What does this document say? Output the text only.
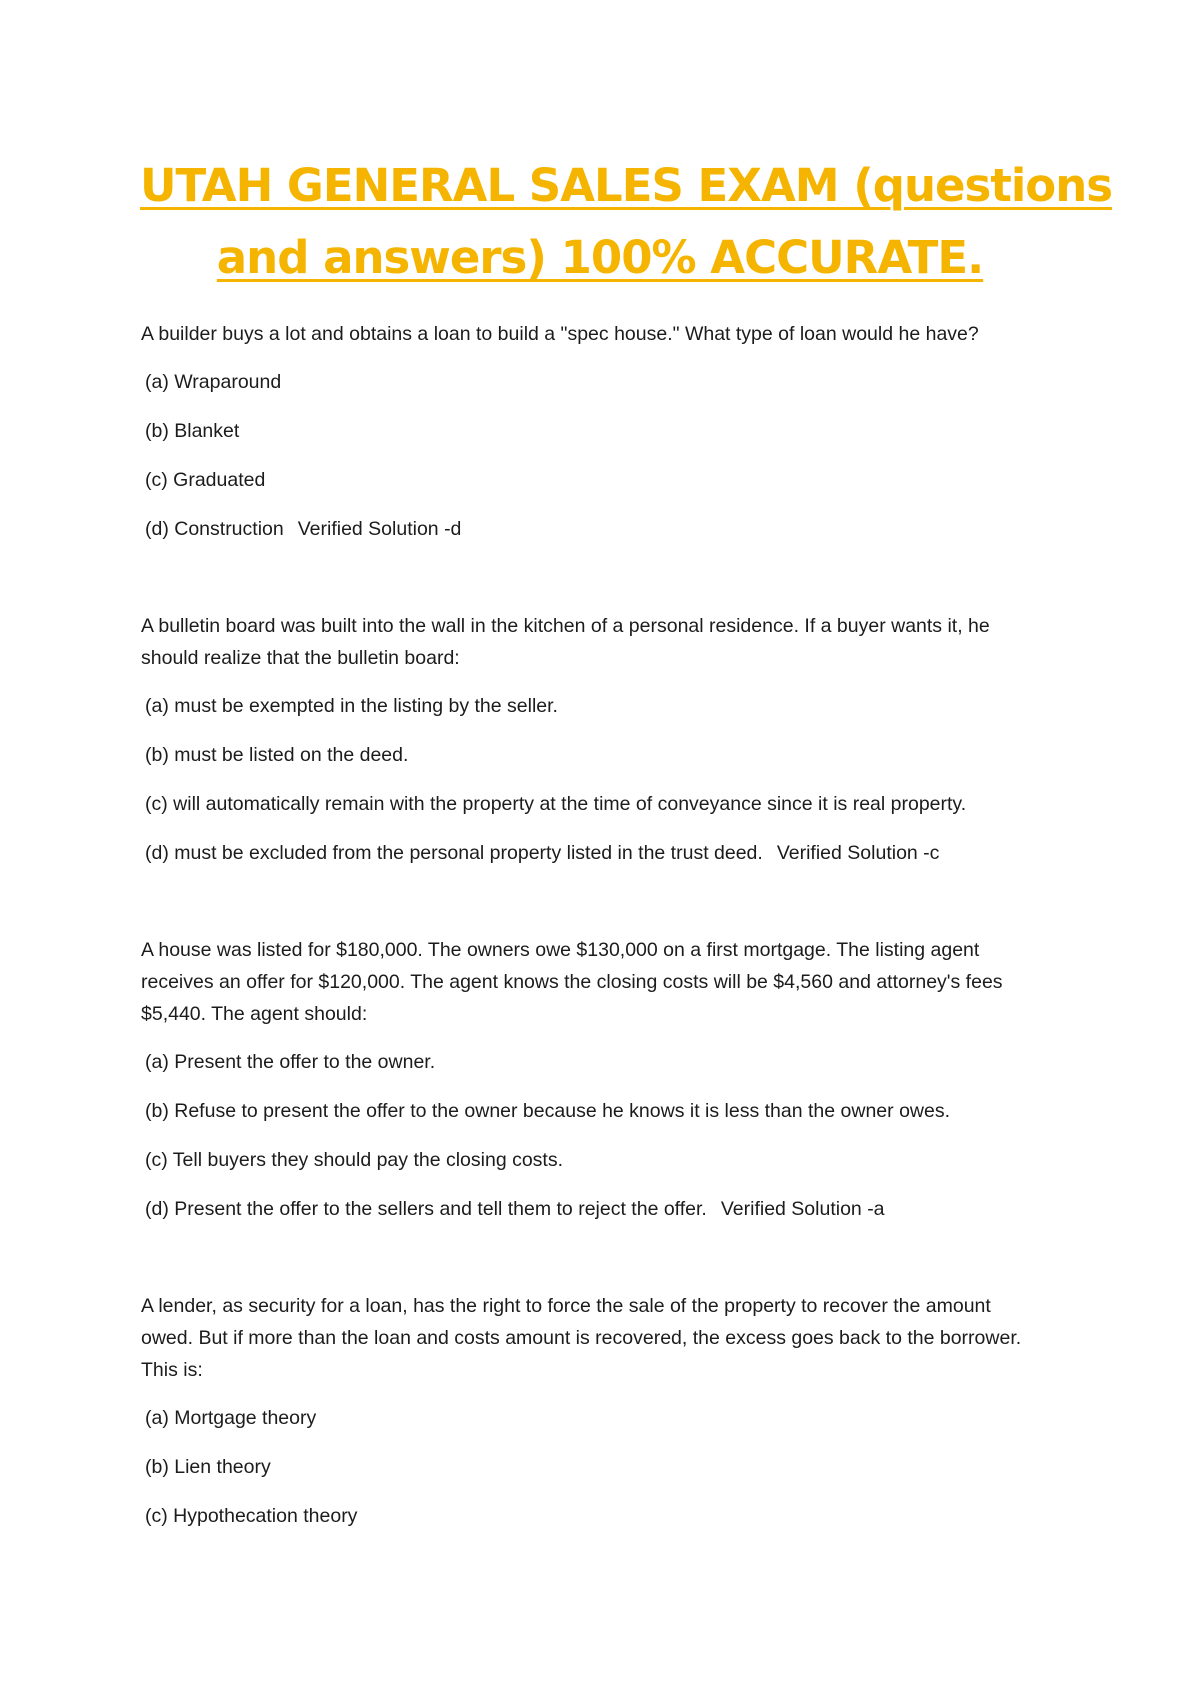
UTAH GENERAL SALES EXAM (questions
and answers) 100% ACCURATE.
A builder buys a lot and obtains a loan to build a "spec house." What type of loan would he have?
(a) Wraparound
(b) Blanket
(c) Graduated
(d) Construction Verified Solution -d
A bulletin board was built into the wall in the kitchen of a personal residence. If a buyer wants it, he should realize that the bulletin board:
(a) must be exempted in the listing by the seller.
(b) must be listed on the deed.
(c) will automatically remain with the property at the time of conveyance since it is real property.
(d) must be excluded from the personal property listed in the trust deed. Verified Solution -c
A house was listed for $180,000. The owners owe $130,000 on a first mortgage. The listing agent receives an offer for $120,000. The agent knows the closing costs will be $4,560 and attorney's fees $5,440. The agent should:
(a) Present the offer to the owner.
(b) Refuse to present the offer to the owner because he knows it is less than the owner owes.
(c) Tell buyers they should pay the closing costs.
(d) Present the offer to the sellers and tell them to reject the offer. Verified Solution -a
A lender, as security for a loan, has the right to force the sale of the property to recover the amount owed. But if more than the loan and costs amount is recovered, the excess goes back to the borrower. This is:
(a) Mortgage theory
(b) Lien theory
(c) Hypothecation theory
